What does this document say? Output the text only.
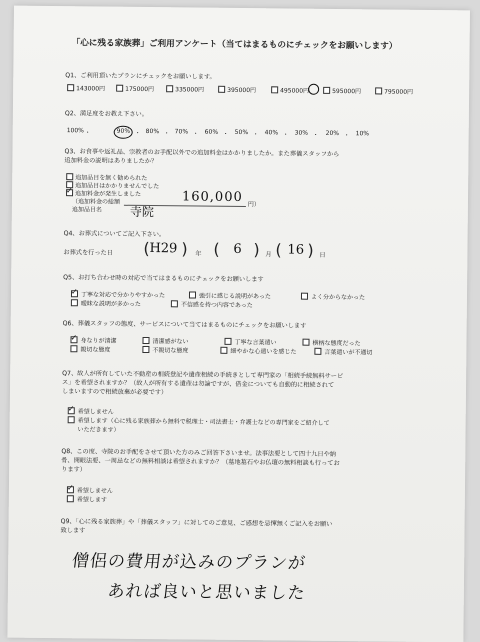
「心に残る家族葬」ご利用アンケート（当てはまるものにチェックをお願いします）
Q1、ご利用頂いたプランにチェックをお願いします。
143000円	175000円	335000円	395000円	495000円	595000円	795000円
Q2、満足度をお教え下さい。
100% ・	90% ・ 80% ・ 70% ・ 60% ・ 50% ・ 40% ・ 30% ・ 20% ・ 10%
Q3、お食事や返礼品、宗教者のお手配以外での追加料金はかかりましたか。また葬儀スタッフから
追加料金の説明はありましたか？
追加品目を無く勧められた
追加品目はかかりませんでした
✓
追加料金が発生しました
（追加料金の総額	160,000 円）
追加品目名 寺院
Q4、お葬式についてご記入下さい。
お葬式を行った日	H29
( ) 年 ( 6 ) 月 ( 16 ) 日
Q5、お打ち合わせ時の対応で当てはまるものにチェックをお願いします
✓
丁寧な対応で分かりやすかった	強引に感じる説明があった	よく分からなかった
曖昧な説明が多かった	不信感を持つ内容であった
Q6、葬儀スタッフの態度、サービスについて当てはまるものにチェックをお願いします
✓
身なりが清潔	清潔感がない	丁寧な言葉遣い	横柄な態度だった
親切な態度	不親切な態度	細やかな心遣いを感じた	言葉遣いが不適切
Q7、故人が所有していた不動産の相続登記や遺産相続の手続きとして専門家の「相続手続無料サービ
ス」を希望されますか？（故人が所有する遺産は勿論ですが、借金についても自動的に相続されて
しまいますので相続放棄が必要です）
✓
希望しません
希望します（心に残る家族葬から無料で税理士・司法書士・弁護士などの専門家をご紹介して
いただきます）
Q8、この度、寺院のお手配をさせて頂いた方のみご回答下さいませ。法事法要として四十九日や納
骨、開眼法要、一周忌などの無料相談は希望されますか？（墓地墓石やお仏壇の無料相談も行ってお
ります）
✓
希望しません
希望します
Q9、「心に残る家族葬」や「葬儀スタッフ」に対してのご意見、ご感想を忌憚無くご記入をお願い
致します
僧侶の費用が込みのプランが
あれば良いと思いました
